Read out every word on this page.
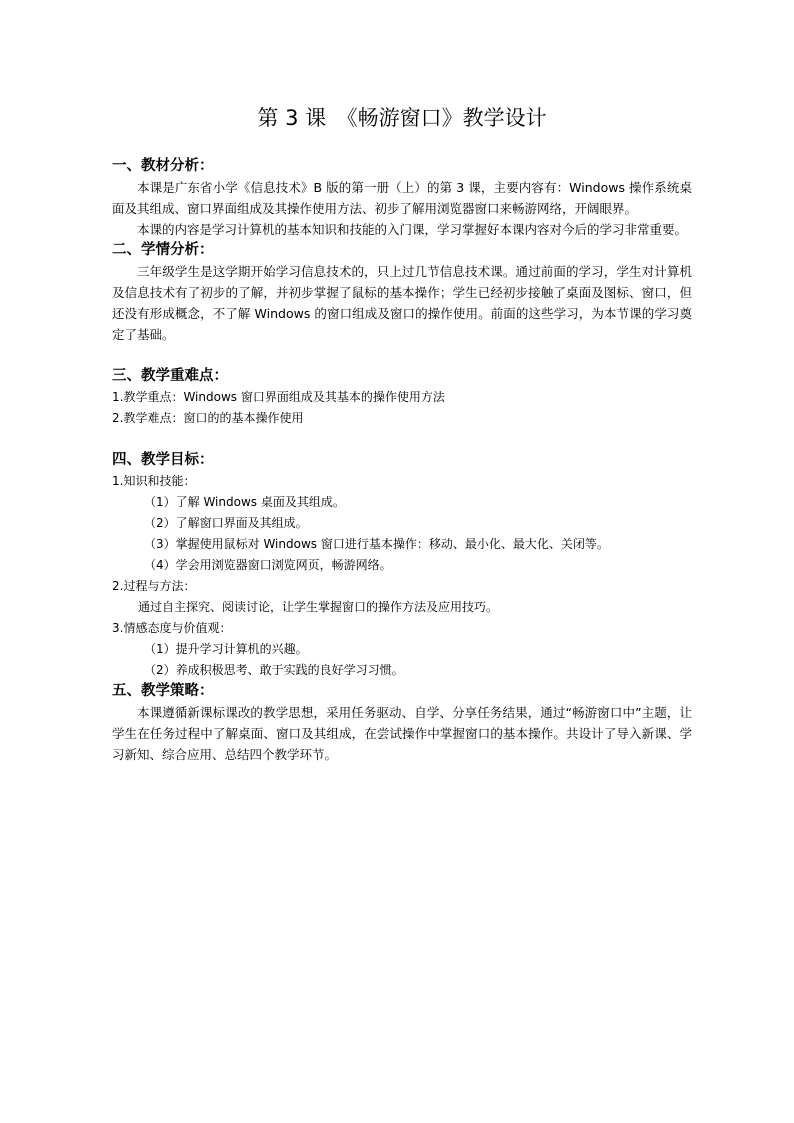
第 3 课　《畅游窗口》教学设计

一、教材分析：

本课是广东省小学《信息技术》B 版的第一册（上）的第 3 课，主要内容有：Windows 操作系统桌面及其组成、窗口界面组成及其操作使用方法、初步了解用浏览器窗口来畅游网络，开阔眼界。

本课的内容是学习计算机的基本知识和技能的入门课，学习掌握好本课内容对今后的学习非常重要。

二、学情分析：

三年级学生是这学期开始学习信息技术的，只上过几节信息技术课。通过前面的学习，学生对计算机及信息技术有了初步的了解，并初步掌握了鼠标的基本操作；学生已经初步接触了桌面及图标、窗口，但还没有形成概念，不了解 Windows 的窗口组成及窗口的操作使用。前面的这些学习，为本节课的学习奠定了基础。

三、教学重难点：

1.教学重点：Windows 窗口界面组成及其基本的操作使用方法

2.教学难点：窗口的的基本操作使用

四、教学目标：

1.知识和技能：

（1）了解 Windows 桌面及其组成。

（2）了解窗口界面及其组成。

（3）掌握使用鼠标对 Windows 窗口进行基本操作：移动、最小化、最大化、关闭等。

（4）学会用浏览器窗口浏览网页，畅游网络。

2.过程与方法：

通过自主探究、阅读讨论，让学生掌握窗口的操作方法及应用技巧。

3.情感态度与价值观：

（1）提升学习计算机的兴趣。

（2）养成积极思考、敢于实践的良好学习习惯。

五、教学策略：

本课遵循新课标课改的教学思想，采用任务驱动、自学、分享任务结果，通过“畅游窗口中”主题，让学生在任务过程中了解桌面、窗口及其组成，在尝试操作中掌握窗口的基本操作。共设计了导入新课、学习新知、综合应用、总结四个教学环节。
